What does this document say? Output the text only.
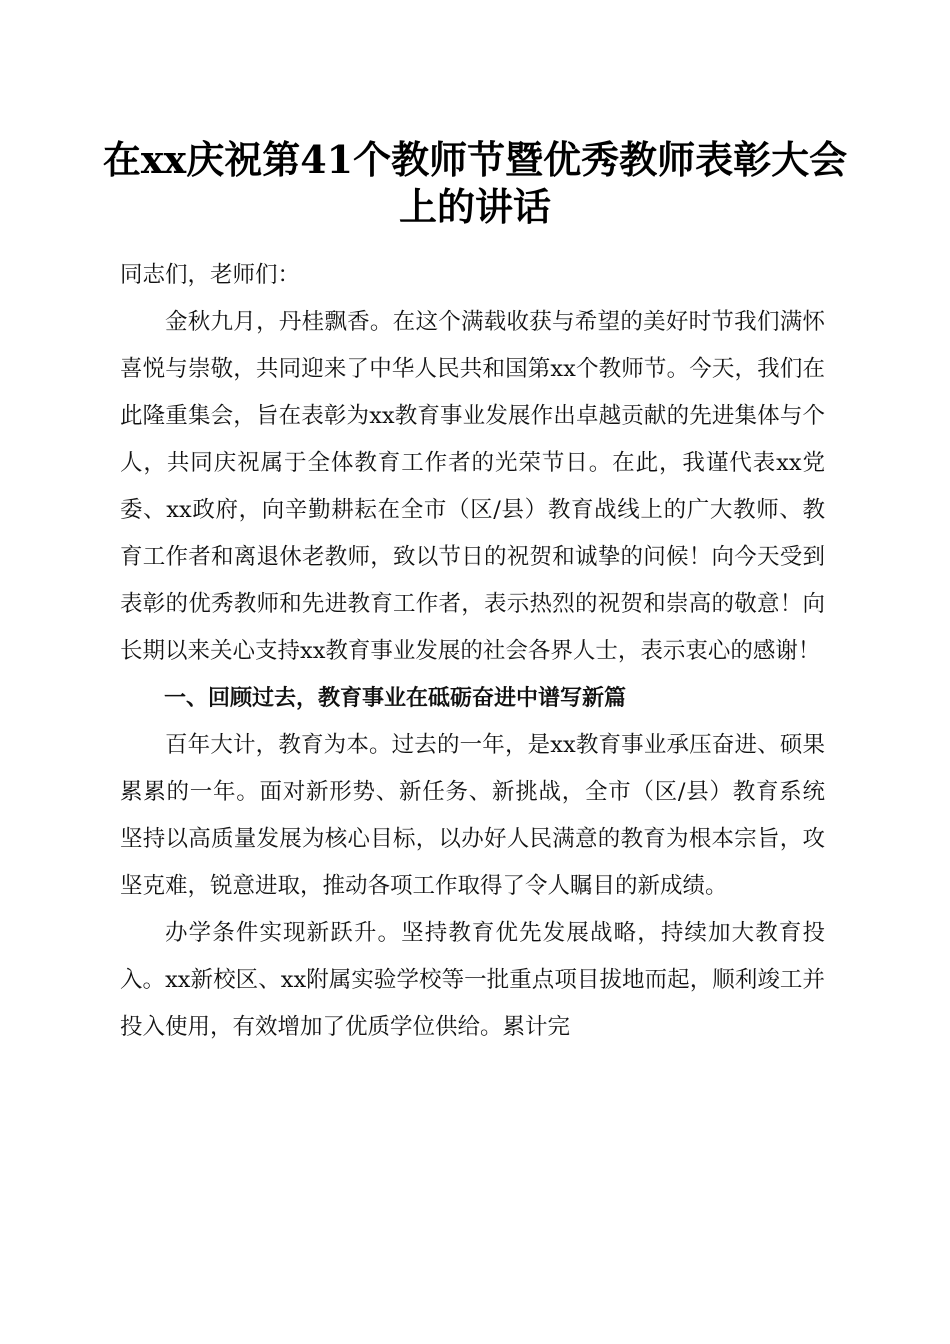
在xx庆祝第41个教师节暨优秀教师表彰大会
上的讲话

同志们，老师们：

金秋九月，丹桂飘香。在这个满载收获与希望的美好时节我们满怀喜悦与崇敬，共同迎来了中华人民共和国第xx个教师节。今天，我们在此隆重集会，旨在表彰为xx教育事业发展作出卓越贡献的先进集体与个人，共同庆祝属于全体教育工作者的光荣节日。在此，我谨代表xx党委、xx政府，向辛勤耕耘在全市（区/县）教育战线上的广大教师、教育工作者和离退休老教师，致以节日的祝贺和诚挚的问候！向今天受到表彰的优秀教师和先进教育工作者，表示热烈的祝贺和崇高的敬意！向长期以来关心支持xx教育事业发展的社会各界人士，表示衷心的感谢！

一、回顾过去，教育事业在砥砺奋进中谱写新篇

百年大计，教育为本。过去的一年，是xx教育事业承压奋进、硕果累累的一年。面对新形势、新任务、新挑战，全市（区/县）教育系统坚持以高质量发展为核心目标，以办好人民满意的教育为根本宗旨，攻坚克难，锐意进取，推动各项工作取得了令人瞩目的新成绩。

办学条件实现新跃升。坚持教育优先发展战略，持续加大教育投入。xx新校区、xx附属实验学校等一批重点项目拔地而起，顺利竣工并投入使用，有效增加了优质学位供给。累计完
